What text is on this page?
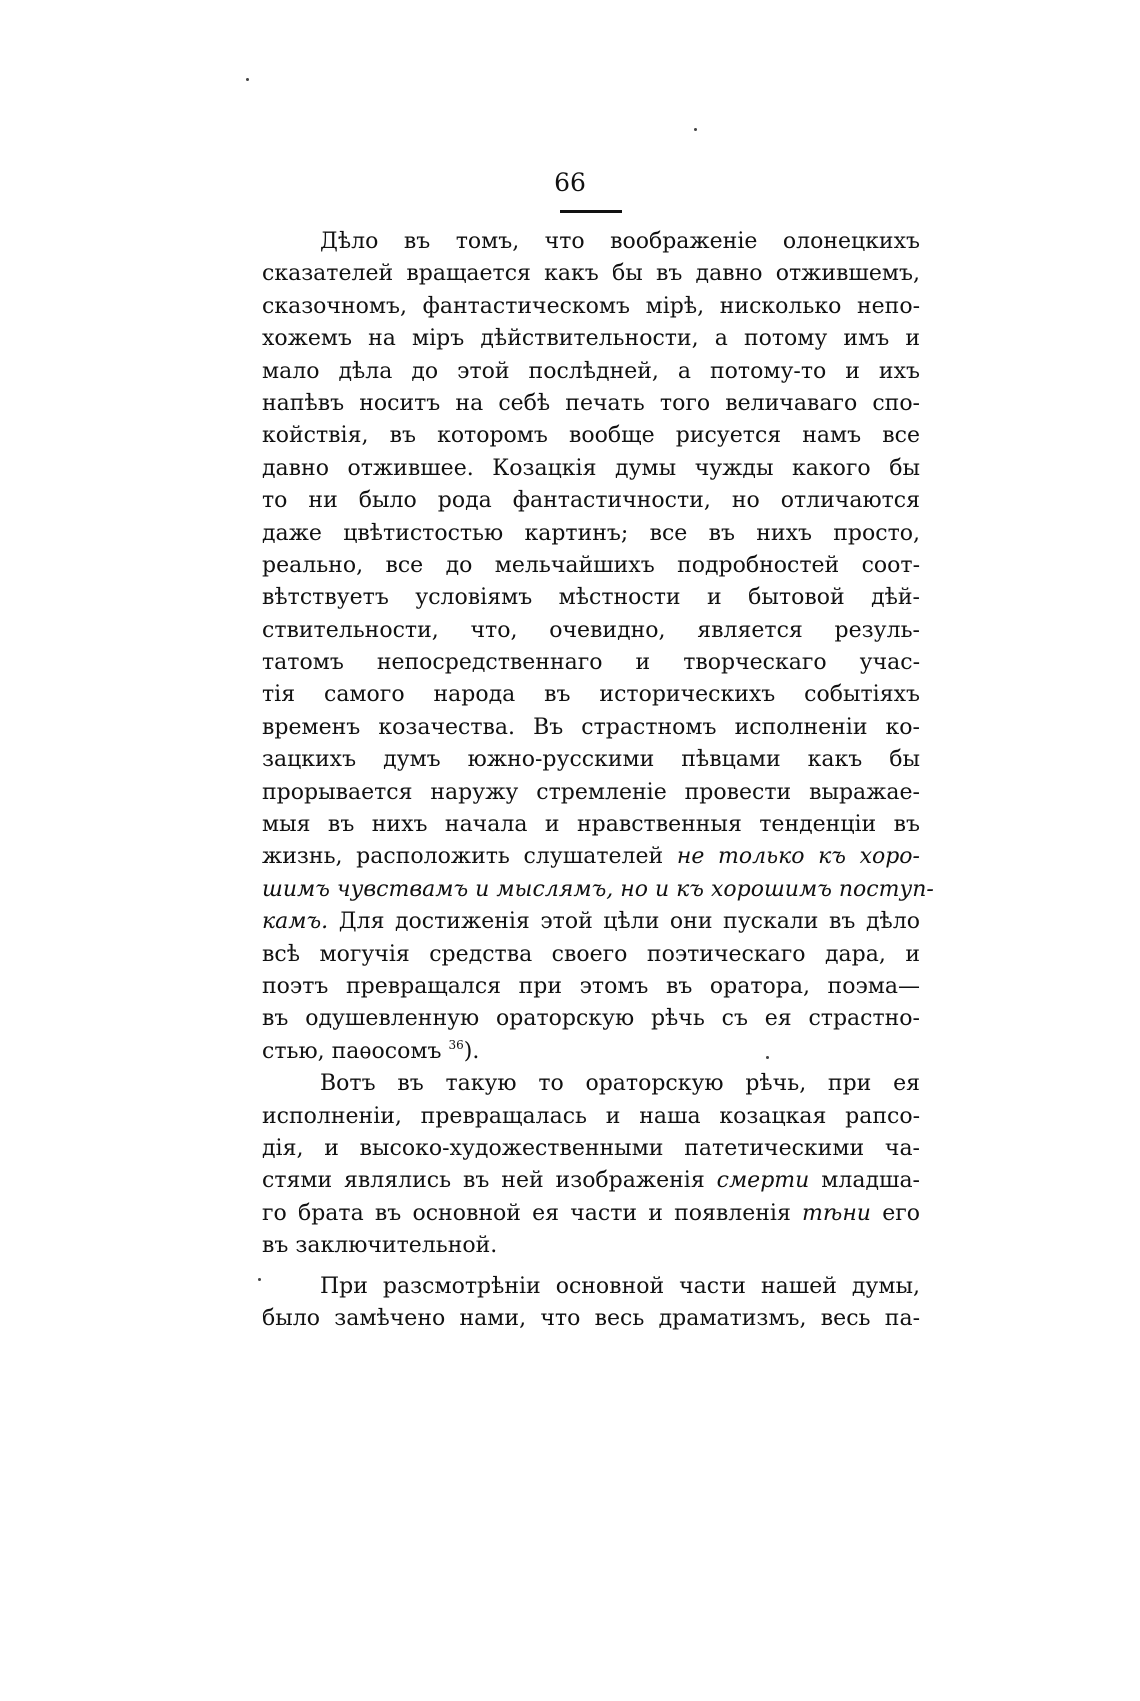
66
Дѣло въ томъ, что воображенiе олонецкихъ
сказателей вращается какъ бы въ давно отжившемъ,
сказочномъ, фантастическомъ мiрѣ, нисколько непо-
хожемъ на мiръ дѣйствительности, а потому имъ и
мало дѣла до этой послѣдней, а потому-то и ихъ
напѣвъ носитъ на себѣ печать того величаваго спо-
койствiя, въ которомъ вообще рисуется намъ все
давно отжившее. Козацкiя думы чужды какого бы
то ни было рода фантастичности, но отличаются
даже цвѣтистостью картинъ; все въ нихъ просто,
реально, все до мельчайшихъ подробностей соот-
вѣтствуетъ условiямъ мѣстности и бытовой дѣй-
ствительности, что, очевидно, является резуль-
татомъ непосредственнаго и творческаго учас-
тiя самого народа въ историческихъ событiяхъ
временъ козачества. Въ страстномъ исполненiи ко-
зацкихъ думъ южно-русскими пѣвцами какъ бы
прорывается наружу стремленiе провести выражае-
мыя въ нихъ начала и нравственныя тенденцiи въ
жизнь, расположить слушателей не только къ хоро-
шимъ чувствамъ и мыслямъ, но и къ хорошимъ поступ-
камъ. Для достиженiя этой цѣли они пускали въ дѣло
всѣ могучiя средства своего поэтическаго дара, и
поэтъ превращался при этомъ въ оратора, поэма—
въ одушевленную ораторскую рѣчь съ ея страстно-
стью, паѳосомъ $^{36}$).
Вотъ въ такую то ораторскую рѣчь, при ея
исполненiи, превращалась и наша козацкая рапсо-
дiя, и высоко-художественными патетическими ча-
стями являлись въ ней изображенiя смерти младша-
го брата въ основной ея части и появленiя тѣни его
въ заключительной.
При разсмотрѣнiи основной части нашей думы,
было замѣчено нами, что весь драматизмъ, весь па-
